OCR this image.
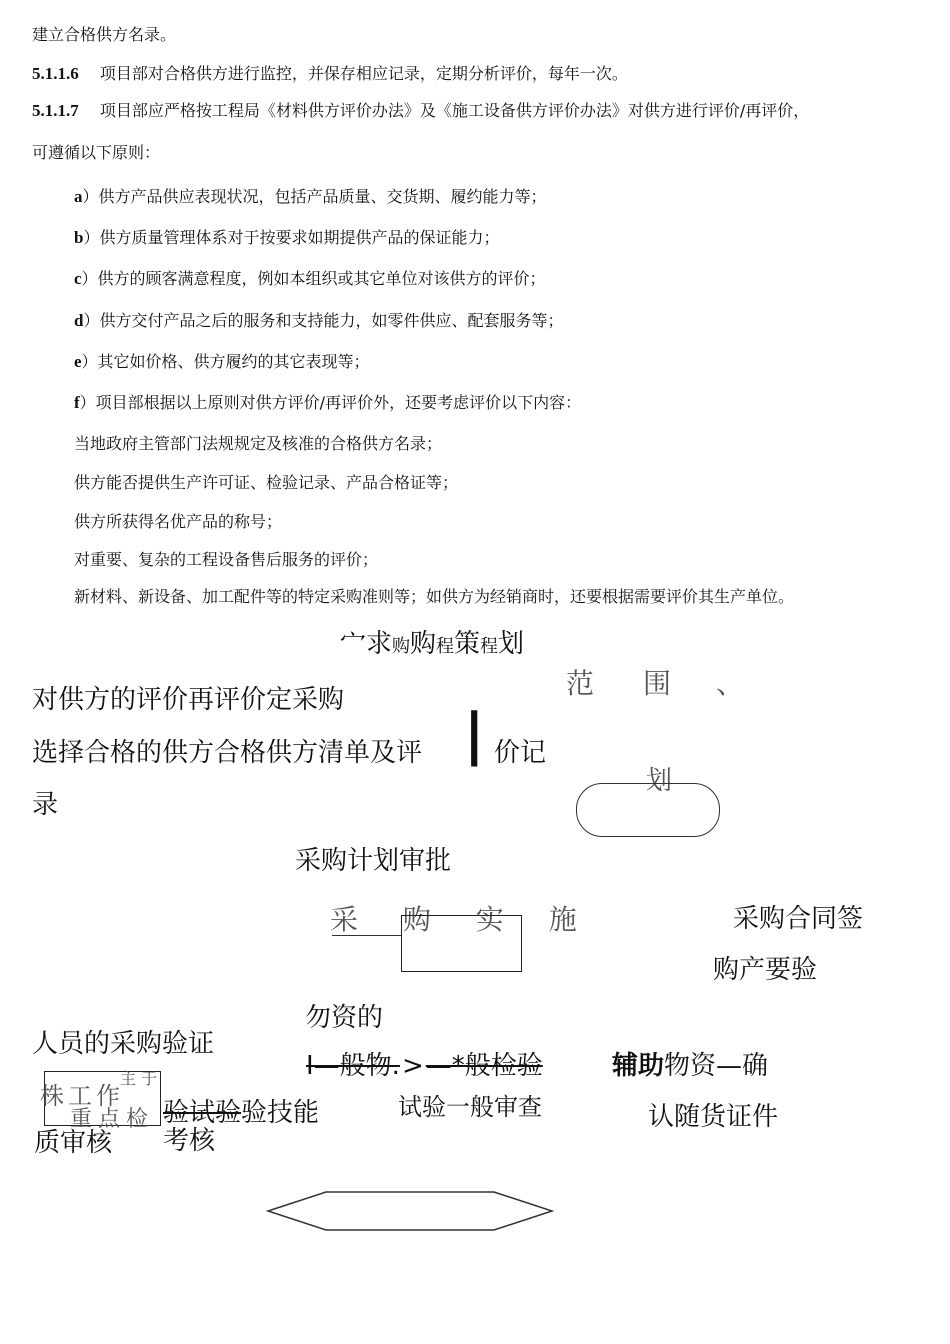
建立合格供方名录。
5.1.1.6 项目部对合格供方进行监控，并保存相应记录，定期分析评价，每年一次。
5.1.1.7 项目部应严格按工程局《材料供方评价办法》及《施工设备供方评价办法》对供方进行评价/再评价，
可遵循以下原则：
a）供方产品供应表现状况，包括产品质量、交货期、履约能力等；
b）供方质量管理体系对于按要求如期提供产品的保证能力；
c）供方的顾客满意程度，例如本组织或其它单位对该供方的评价；
d）供方交付产品之后的服务和支持能力，如零件供应、配套服务等；
e）其它如价格、供方履约的其它表现等；
f）项目部根据以上原则对供方评价/再评价外，还要考虑评价以下内容：
当地政府主管部门法规规定及核准的合格供方名录；
供方能否提供生产许可证、检验记录、产品合格证等；
供方所获得名优产品的称号；
对重要、复杂的工程设备售后服务的评价；
新材料、新设备、加工配件等的特定采购准则等；如供方为经销商时，还要根据需要评价其生产单位。
宀求购购程策程划
范 围 、
对供方的评价再评价定采购
选择合格的供方合格供方清单及评 | 价记
录
划
采购计划审批
采 购 实 施	采购合同签
购产要验
勿资的
人员的采购验证
I—般物.>—*般检验	辅助物资—确
株工作
重点检
主 于
验试验验技能
考核
试验一般审查	认随货证件
质审核
